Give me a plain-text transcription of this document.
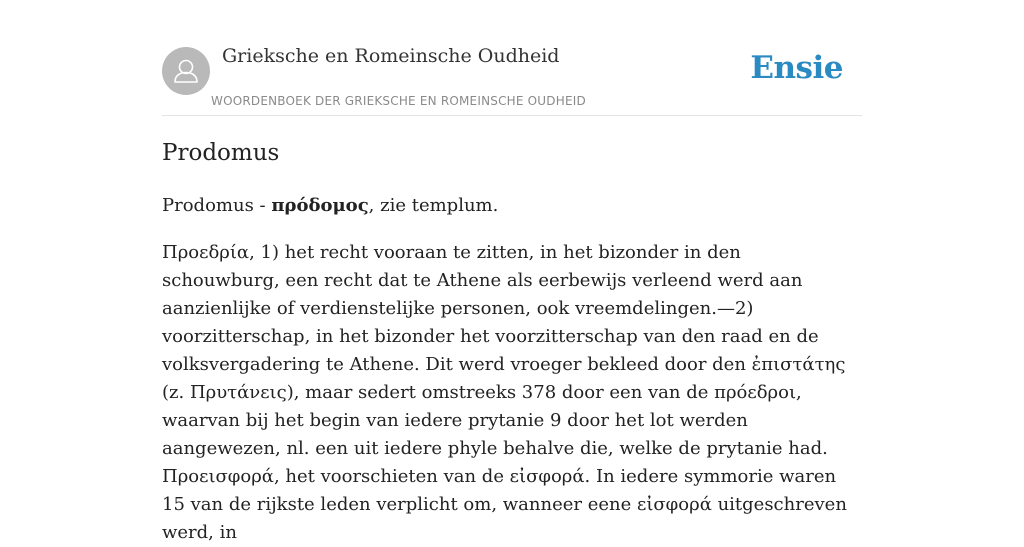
Grieksche en Romeinsche Oudheid
WOORDENBOEK DER GRIEKSCHE EN ROMEINSCHE OUDHEID
Ensie
Prodomus

Prodomus - πρόδομος, zie templum.

Προεδρία, 1) het recht vooraan te zitten, in het bizonder in den schouwburg, een recht dat te Athene als eerbewijs verleend werd aan aanzienlijke of verdienstelijke personen, ook vreemdelingen.—2) voorzitterschap, in het bizonder het voorzitterschap van den raad en de volksvergadering te Athene. Dit werd vroeger bekleed door den ἐπιστάτης (z. Πρυτάνεις), maar sedert omstreeks 378 door een van de πρόεδροι, waarvan bij het begin van iedere prytanie 9 door het lot werden aangewezen, nl. een uit iedere phyle behalve die, welke de prytanie had.

Προεισφορά, het voorschieten van de εἰσφορά. In iedere symmorie waren 15 van de rijkste leden verplicht om, wanneer eene εἰσφορά uitgeschreven werd, in
